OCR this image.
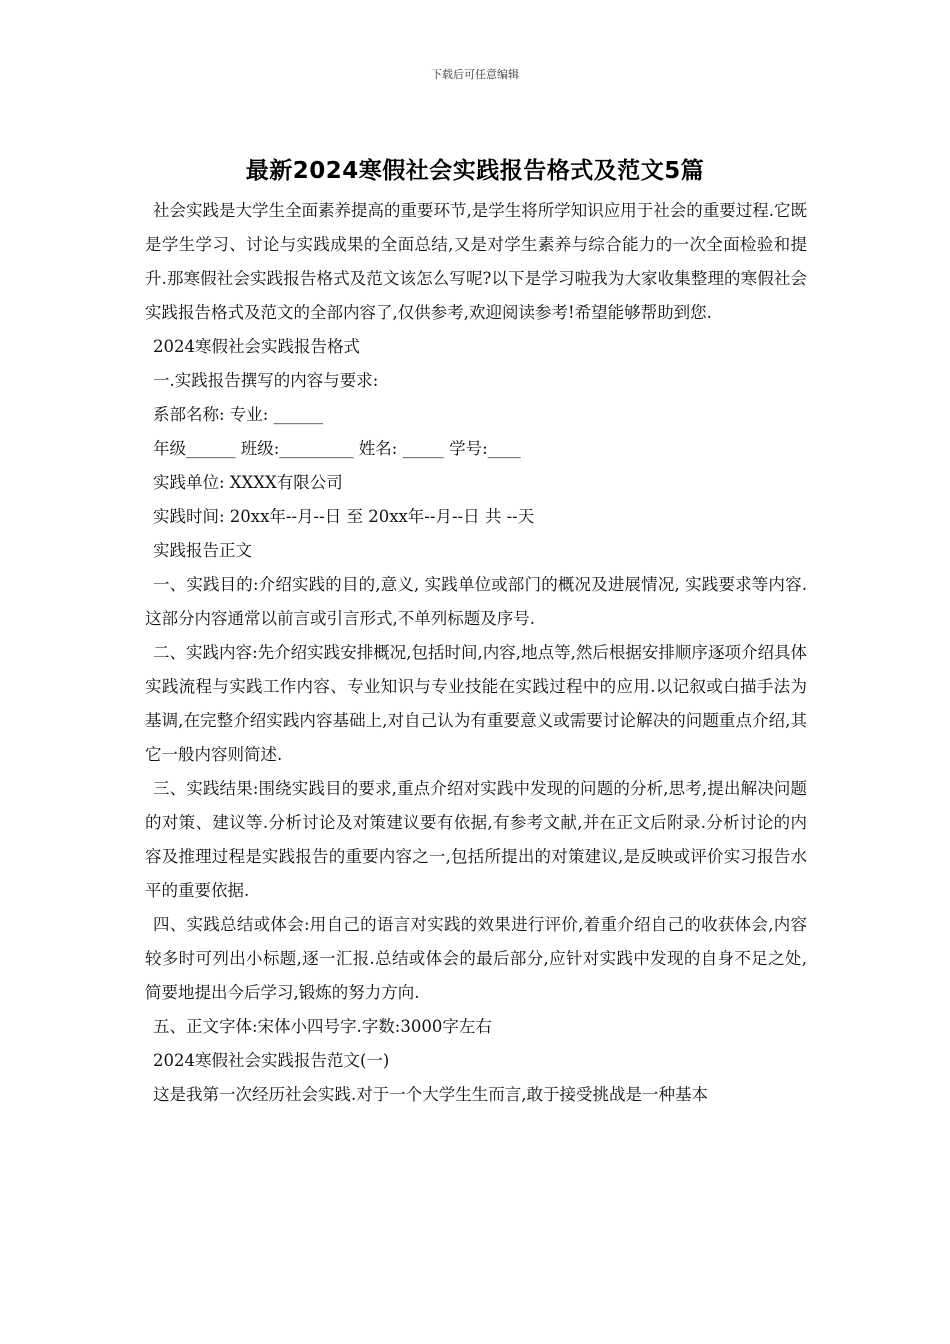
下载后可任意编辑
最新2024寒假社会实践报告格式及范文5篇

社会实践是大学生全面素养提高的重要环节,是学生将所学知识应用于社会的重要过程.它既是学生学习、讨论与实践成果的全面总结,又是对学生素养与综合能力的一次全面检验和提升.那寒假社会实践报告格式及范文该怎么写呢?以下是学习啦我为大家收集整理的寒假社会实践报告格式及范文的全部内容了,仅供参考,欢迎阅读参考!希望能够帮助到您.

2024寒假社会实践报告格式

一.实践报告撰写的内容与要求:

系部名称: 专业: ______

年级______ 班级:_________ 姓名: _____ 学号:____

实践单位: XXXX有限公司

实践时间: 20xx年--月--日 至 20xx年--月--日 共 --天

实践报告正文

一、实践目的:介绍实践的目的,意义, 实践单位或部门的概况及进展情况, 实践要求等内容.这部分内容通常以前言或引言形式,不单列标题及序号.

二、实践内容:先介绍实践安排概况,包括时间,内容,地点等,然后根据安排顺序逐项介绍具体实践流程与实践工作内容、专业知识与专业技能在实践过程中的应用.以记叙或白描手法为基调,在完整介绍实践内容基础上,对自己认为有重要意义或需要讨论解决的问题重点介绍,其它一般内容则简述.

三、实践结果:围绕实践目的要求,重点介绍对实践中发现的问题的分析,思考,提出解决问题的对策、建议等.分析讨论及对策建议要有依据,有参考文献,并在正文后附录.分析讨论的内容及推理过程是实践报告的重要内容之一,包括所提出的对策建议,是反映或评价实习报告水平的重要依据.

四、实践总结或体会:用自己的语言对实践的效果进行评价,着重介绍自己的收获体会,内容较多时可列出小标题,逐一汇报.总结或体会的最后部分,应针对实践中发现的自身不足之处,简要地提出今后学习,锻炼的努力方向.

五、正文字体:宋体小四号字.字数:3000字左右

2024寒假社会实践报告范文(一)

这是我第一次经历社会实践.对于一个大学生生而言,敢于接受挑战是一种基本
